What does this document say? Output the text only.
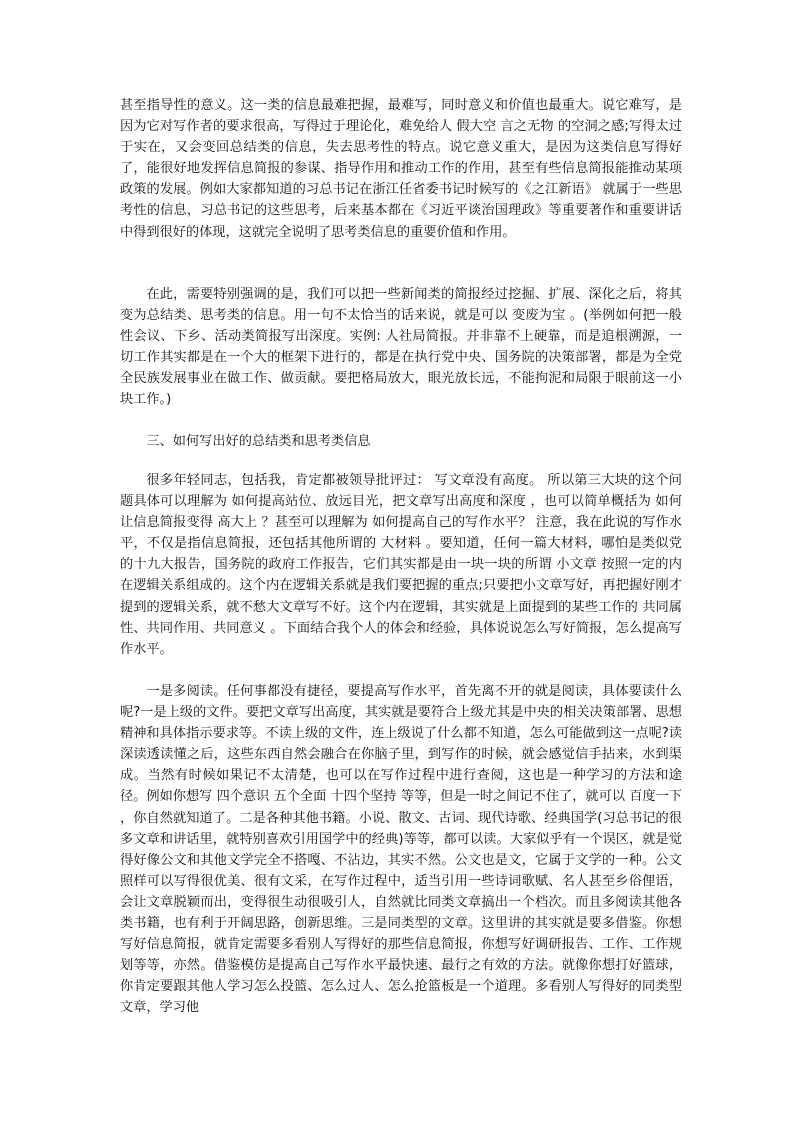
甚至指导性的意义。这一类的信息最难把握，最难写，同时意义和价值也最重大。说它难写，是因为它对写作者的要求很高，写得过于理论化，难免给人 假大空 言之无物 的空洞之感;写得太过于实在，又会变回总结类的信息，失去思考性的特点。说它意义重大，是因为这类信息写得好了，能很好地发挥信息简报的参谋、指导作用和推动工作的作用，甚至有些信息简报能推动某项政策的发展。例如大家都知道的习总书记在浙江任省委书记时候写的《之江新语》 就属于一些思考性的信息，习总书记的这些思考，后来基本都在《习近平谈治国理政》等重要著作和重要讲话中得到很好的体现，这就完全说明了思考类信息的重要价值和作用。

在此，需要特别强调的是，我们可以把一些新闻类的简报经过挖掘、扩展、深化之后，将其变为总结类、思考类的信息。用一句不太恰当的话来说，就是可以 变废为宝 。(举例如何把一般性会议、下乡、活动类简报写出深度。实例: 人社局简报。并非靠不上硬靠，而是追根溯源，一切工作其实都是在一个大的框架下进行的，都是在执行党中央、国务院的决策部署，都是为全党全民族发展事业在做工作、做贡献。要把格局放大，眼光放长远，不能拘泥和局限于眼前这一小块工作。)

三、如何写出好的总结类和思考类信息

很多年轻同志，包括我，肯定都被领导批评过： 写文章没有高度。 所以第三大块的这个问题具体可以理解为 如何提高站位、放远目光，把文章写出高度和深度 ，也可以简单概括为 如何让信息简报变得 高大上 ？甚至可以理解为 如何提高自己的写作水平？ 注意，我在此说的写作水平，不仅是指信息简报，还包括其他所谓的 大材料 。要知道，任何一篇大材料，哪怕是类似党的十九大报告，国务院的政府工作报告，它们其实都是由一块一块的所谓 小文章 按照一定的内在逻辑关系组成的。这个内在逻辑关系就是我们要把握的重点;只要把小文章写好，再把握好刚才提到的逻辑关系，就不愁大文章写不好。这个内在逻辑，其实就是上面提到的某些工作的 共同属性、共同作用、共同意义 。下面结合我个人的体会和经验，具体说说怎么写好简报，怎么提高写作水平。

一是多阅读。任何事都没有捷径，要提高写作水平，首先离不开的就是阅读，具体要读什么呢?一是上级的文件。要把文章写出高度，其实就是要符合上级尤其是中央的相关决策部署、思想精神和具体指示要求等。不读上级的文件，连上级说了什么都不知道，怎么可能做到这一点呢?读深读透读懂之后，这些东西自然会融合在你脑子里，到写作的时候，就会感觉信手拈来，水到渠成。当然有时候如果记不太清楚，也可以在写作过程中进行查阅，这也是一种学习的方法和途径。例如你想写 四个意识 五个全面 十四个坚持 等等，但是一时之间记不住了，就可以 百度一下 ，你自然就知道了。二是各种其他书籍。小说、散文、古词、现代诗歌、经典国学(习总书记的很多文章和讲话里，就特别喜欢引用国学中的经典)等等，都可以读。大家似乎有一个误区，就是觉得好像公文和其他文学完全不搭嘎、不沾边，其实不然。公文也是文，它属于文学的一种。公文照样可以写得很优美、很有文采，在写作过程中，适当引用一些诗词歌赋、名人甚至乡俗俚语，会让文章脱颖而出，变得很生动很吸引人，自然就比同类文章搞出一个档次。而且多阅读其他各类书籍，也有利于开阔思路，创新思维。三是同类型的文章。这里讲的其实就是要多借鉴。你想写好信息简报，就肯定需要多看别人写得好的那些信息简报，你想写好调研报告、工作、工作规划等等，亦然。借鉴模仿是提高自己写作水平最快速、最行之有效的方法。就像你想打好篮球，你肯定要跟其他人学习怎么投篮、怎么过人、怎么抢篮板是一个道理。多看别人写得好的同类型文章，学习他
